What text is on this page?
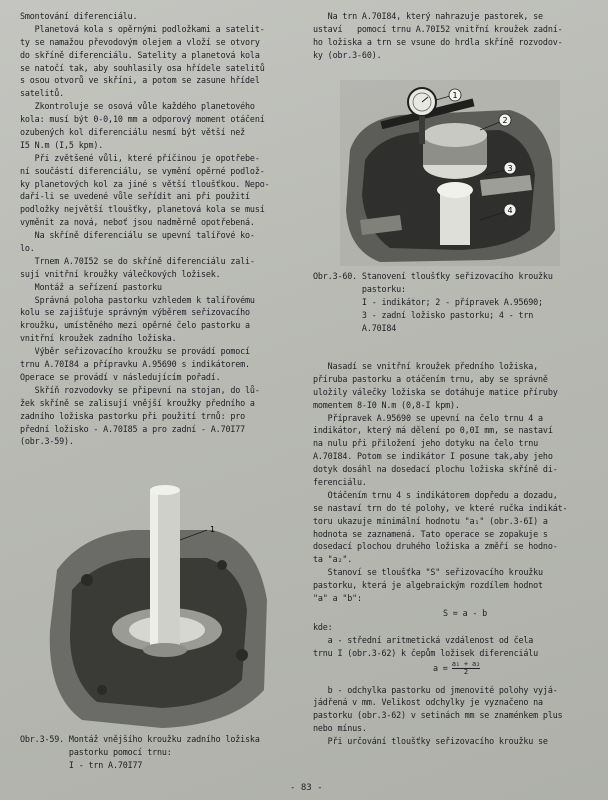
Smontování diferenciálu.
Planetová kola s opěrnými podložkami a satelit-
ty se namažou převodovým olejem a vloží se otvory
do skříně diferenciálu. Satelity a planetová kola
se natočí tak, aby souhlasily osa hřídele satelitů
s osou otvorů ve skříni, a potom se zasune hřídel
satelitů.
Zkontroluje se osová vůle každého planetového
kola: musí být 0-0,10 mm a odporový moment otáčení
ozubených kol diferenciálu nesmí být větší než
I5 N.m (I,5 kpm).
Při zvětšené vůli, které příčinou je opotřebe-
ní součástí diferenciálu, se vymění opěrné podlož-
ky planetových kol za jiné s větší tloušťkou. Nepo-
daří-li se uvedené vůle seřídit ani při použití
podložky největší tloušťky, planetová kola se musí
vyměnit za nová, neboť jsou nadměrně opotřebená.
Na skříně diferenciálu se upevní talířové ko-
lo.
Trnem A.70I52 se do skříně diferenciálu zali-
sují vnitřní kroužky válečkových ložisek.
Montáž a seřízení pastorku
Správná poloha pastorku vzhledem k talířovému
kolu se zajišťuje správným výběrem seřizovacího
kroužku, umístěného mezi opěrné čelo pastorku a
vnitřní kroužek zadního ložiska.
Výběr seřizovacího kroužku se provádí pomocí
trnu A.70I84 a přípravku A.95690 s indikátorem.
Operace se provádí v následujícím pořadí.
Skříň rozvodovky se připevní na stojan, do lů-
žek skříně se zalisují vnější kroužky předního a
zadního ložiska pastorku při použití trnů: pro
přední ložisko - A.70I85 a pro zadní - A.70I77
(obr.3-59).
Na trn A.70I84, který nahrazuje pastorek, se
ustaví   pomocí trnu A.70I52 vnitřní kroužek zadní-
ho ložiska a trn se vsune do hrdla skříně rozvodov-
ky (obr.3-60).
1
2
3
4
Obr.3-60. Stanovení tloušťky seřizovacího kroužku
pastorku:
I - indikátor; 2 - přípravek A.95690;
3 - zadní ložisko pastorku; 4 - trn
A.70I84
Nasadí se vnitřní kroužek předního ložiska,
příruba pastorku a otáčením trnu, aby se správně
uložily válečky ložiska se dotáhuje matice příruby
momentem 8-I0 N.m (0,8-I kpm).
Přípravek A.95690 se upevní na čelo trnu 4 a
indikátor, který má dělení po 0,0I mm, se nastaví
na nulu při přiložení jeho dotyku na čelo trnu
A.70I84. Potom se indikátor I posune tak,aby jeho
dotyk dosáhl na dosedací plochu ložiska skříně di-
ferenciálu.
Otáčením trnu 4 s indikátorem dopředu a dozadu,
se nastaví trn do té polohy, ve které ručka indikát-
toru ukazuje minimální hodnotu "a₁" (obr.3-6I) a
hodnota se zaznamená. Tato operace se zopakuje s
dosedací plochou druhého ložiska a změří se hodno-
ta "a₂".
Stanoví se tloušťka "S" seřizovacího kroužku
pastorku, která je algebraickým rozdílem hodnot
"a" a "b":
S = a - b
kde:
a - střední aritmetická vzdálenost od čela
trnu I (obr.3-62) k čepům ložisek diferenciálu
$a = \frac{\text{a₁ + a₂}}{2}$
b - odchylka pastorku od jmenovité polohy vyjá-
jádřená v mm. Velikost odchylky je vyznačeno na
pastorku (obr.3-62) v setinách mm se znaménkem plus
nebo mínus.
Při určování tloušťky seřizovacího kroužku se
1
Obr.3-59. Montáž vnějšího kroužku zadního ložiska
pastorku pomocí trnu:
I - trn A.70I77
- 83 -
